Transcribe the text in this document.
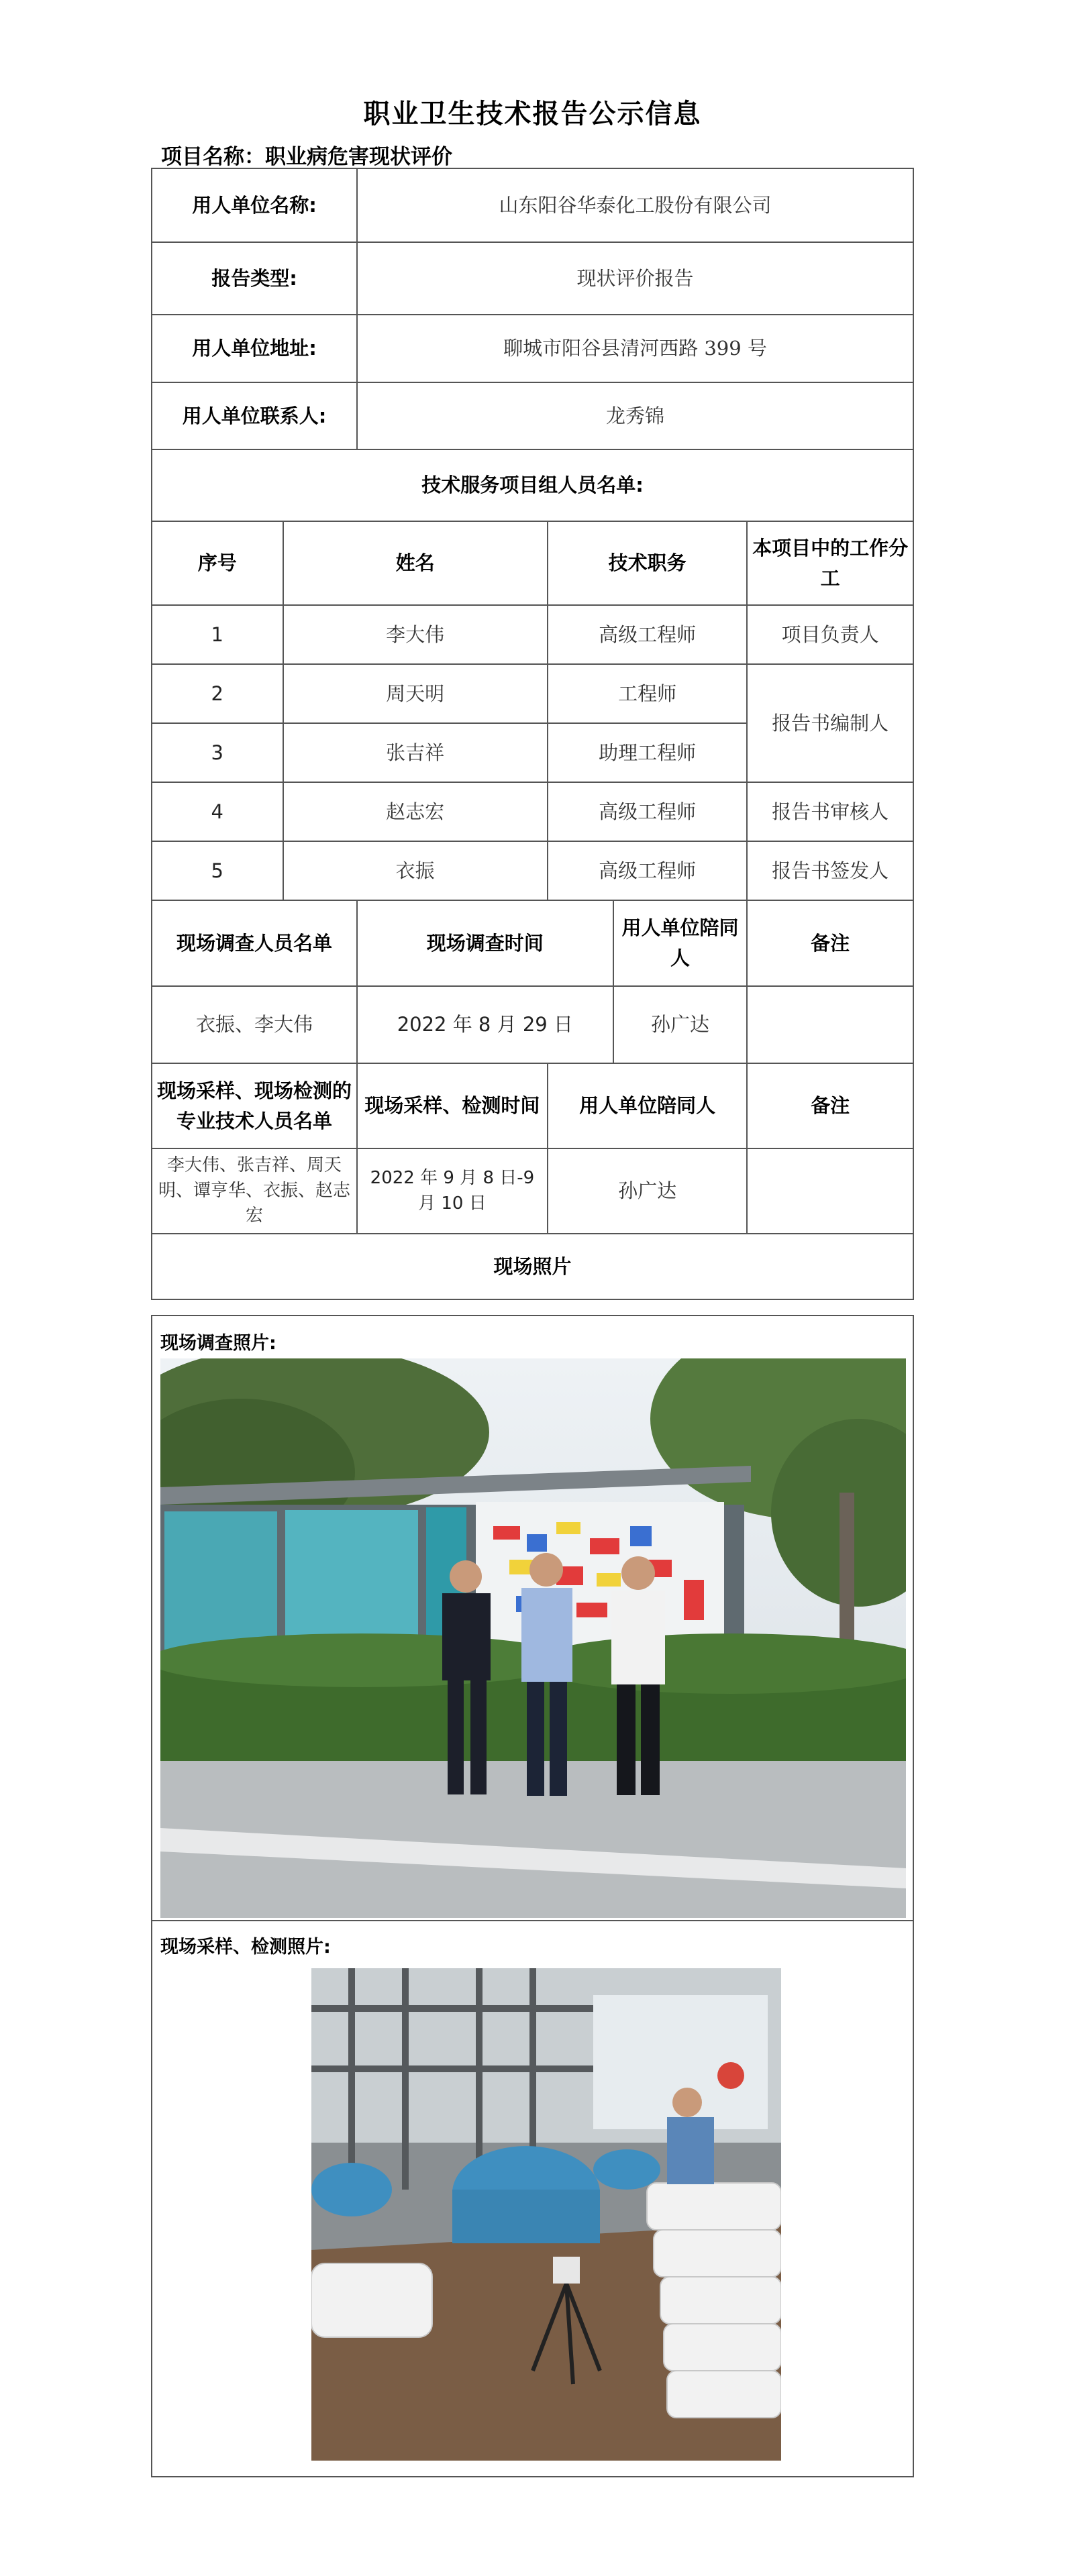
职业卫生技术报告公示信息
项目名称：职业病危害现状评价
用人单位名称:		山东阳谷华泰化工股份有限公司			
报告类型:		现状评价报告			
用人单位地址:		聊城市阳谷县清河西路 399 号			
用人单位联系人:		龙秀锦			
技术服务项目组人员名单:					
序号	姓名		技术职务		本项目中的工作分工
1	李大伟		高级工程师		项目负责人
2	周天明		工程师		报告书编制人
3	张吉祥		助理工程师		
4	赵志宏		高级工程师		报告书审核人
5	衣振		高级工程师		报告书签发人
现场调查人员名单		现场调查时间		用人单位陪同人	备注
衣振、李大伟		2022 年 8 月 29 日		孙广达	
现场采样、现场检测的专业技术人员名单		现场采样、检测时间	用人单位陪同人		备注
李大伟、张吉祥、周天明、谭亨华、衣振、赵志宏		2022 年 9 月 8 日-9 月 10 日	孙广达		
现场照片					
现场调查照片:
现场采样、检测照片:
